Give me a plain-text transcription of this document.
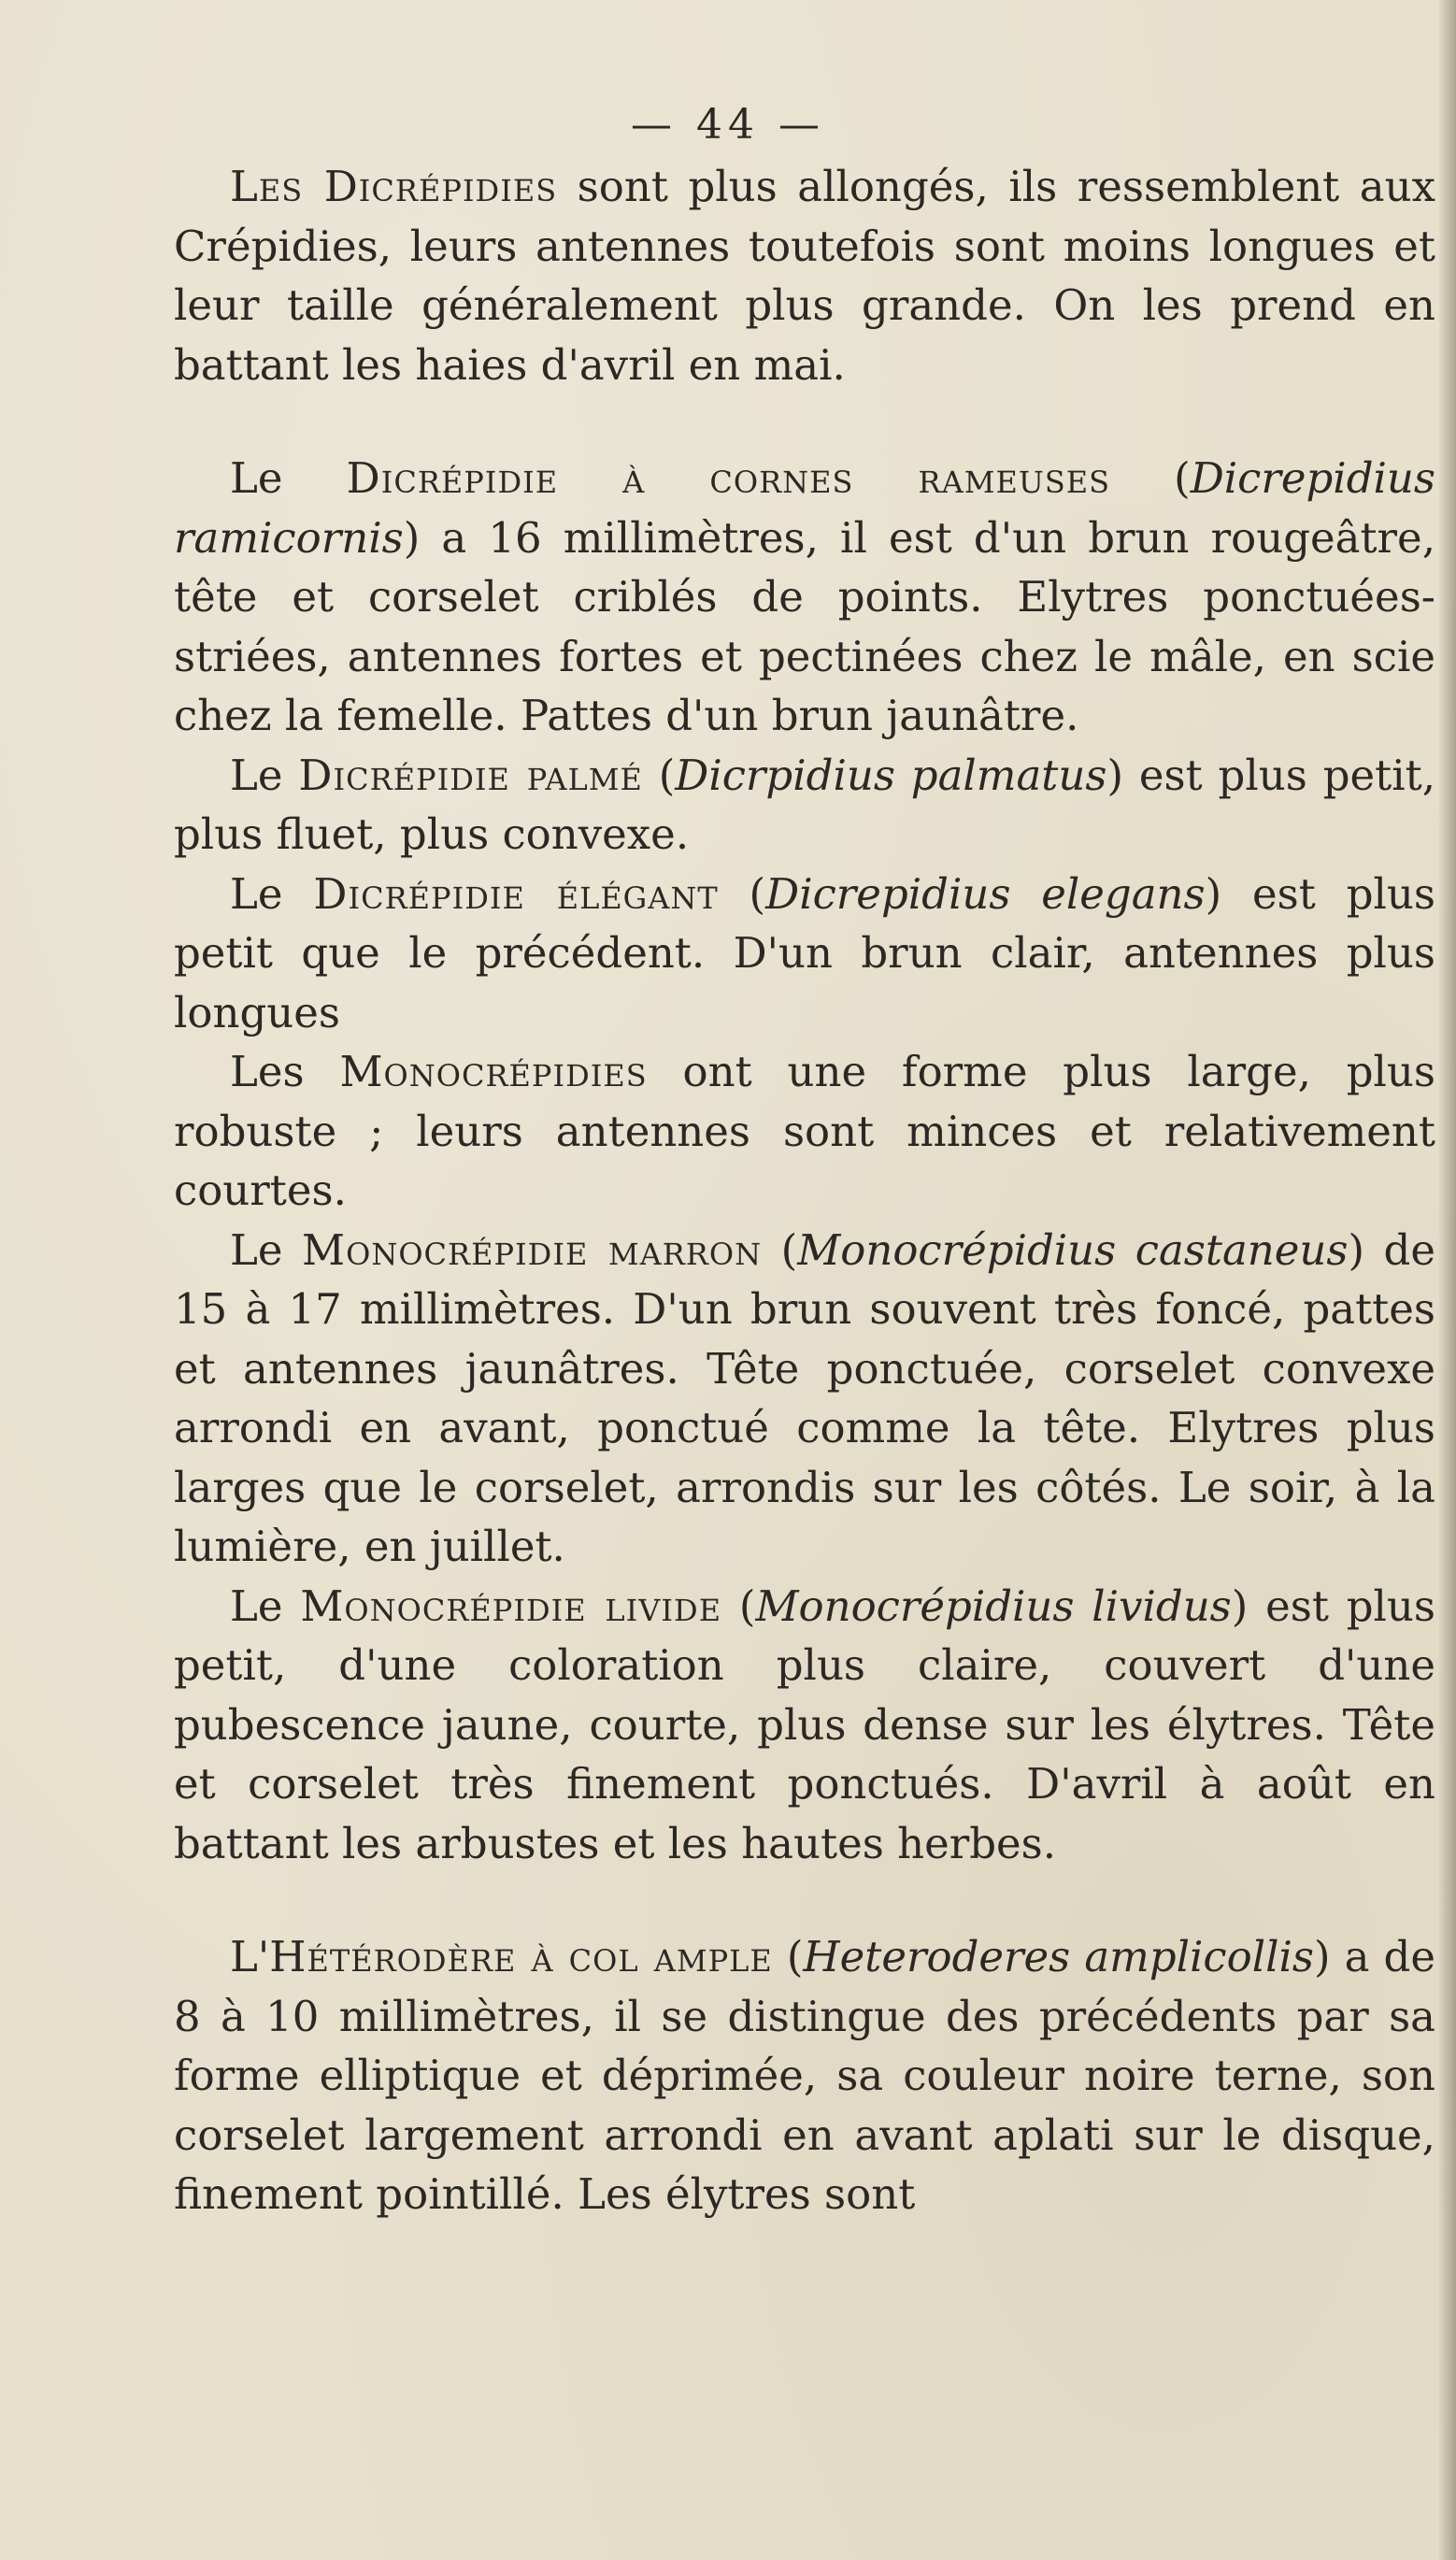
— 44 —

Les Dicrépidies sont plus allongés, ils ressemblent aux Crépidies, leurs antennes toutefois sont moins longues et leur taille généralement plus grande. On les prend en battant les haies d'avril en mai.

Le Dicrépidie à cornes rameuses (Dicrepidius ramicornis) a 16 millimètres, il est d'un brun rougeâtre, tête et corselet criblés de points. Elytres ponctuées-striées, antennes fortes et pectinées chez le mâle, en scie chez la femelle. Pattes d'un brun jaunâtre.

Le Dicrépidie palmé (Dicrpidius palmatus) est plus petit, plus fluet, plus convexe.

Le Dicrépidie élégant (Dicrepidius elegans) est plus petit que le précédent. D'un brun clair, antennes plus longues

Les Monocrépidies ont une forme plus large, plus robuste ; leurs antennes sont minces et relativement courtes.

Le Monocrépidie marron (Monocrépidius castaneus) de 15 à 17 millimètres. D'un brun souvent très foncé, pattes et antennes jaunâtres. Tête ponctuée, corselet convexe arrondi en avant, ponctué comme la tête. Elytres plus larges que le corselet, arrondis sur les côtés. Le soir, à la lumière, en juillet.

Le Monocrépidie livide (Monocrépidius lividus) est plus petit, d'une coloration plus claire, couvert d'une pubescence jaune, courte, plus dense sur les élytres. Tête et corselet très finement ponctués. D'avril à août en battant les arbustes et les hautes herbes.

L'Hétérodère à col ample (Heteroderes amplicollis) a de 8 à 10 millimètres, il se distingue des précédents par sa forme elliptique et déprimée, sa couleur noire terne, son corselet largement arrondi en avant aplati sur le disque, finement pointillé. Les élytres sont
